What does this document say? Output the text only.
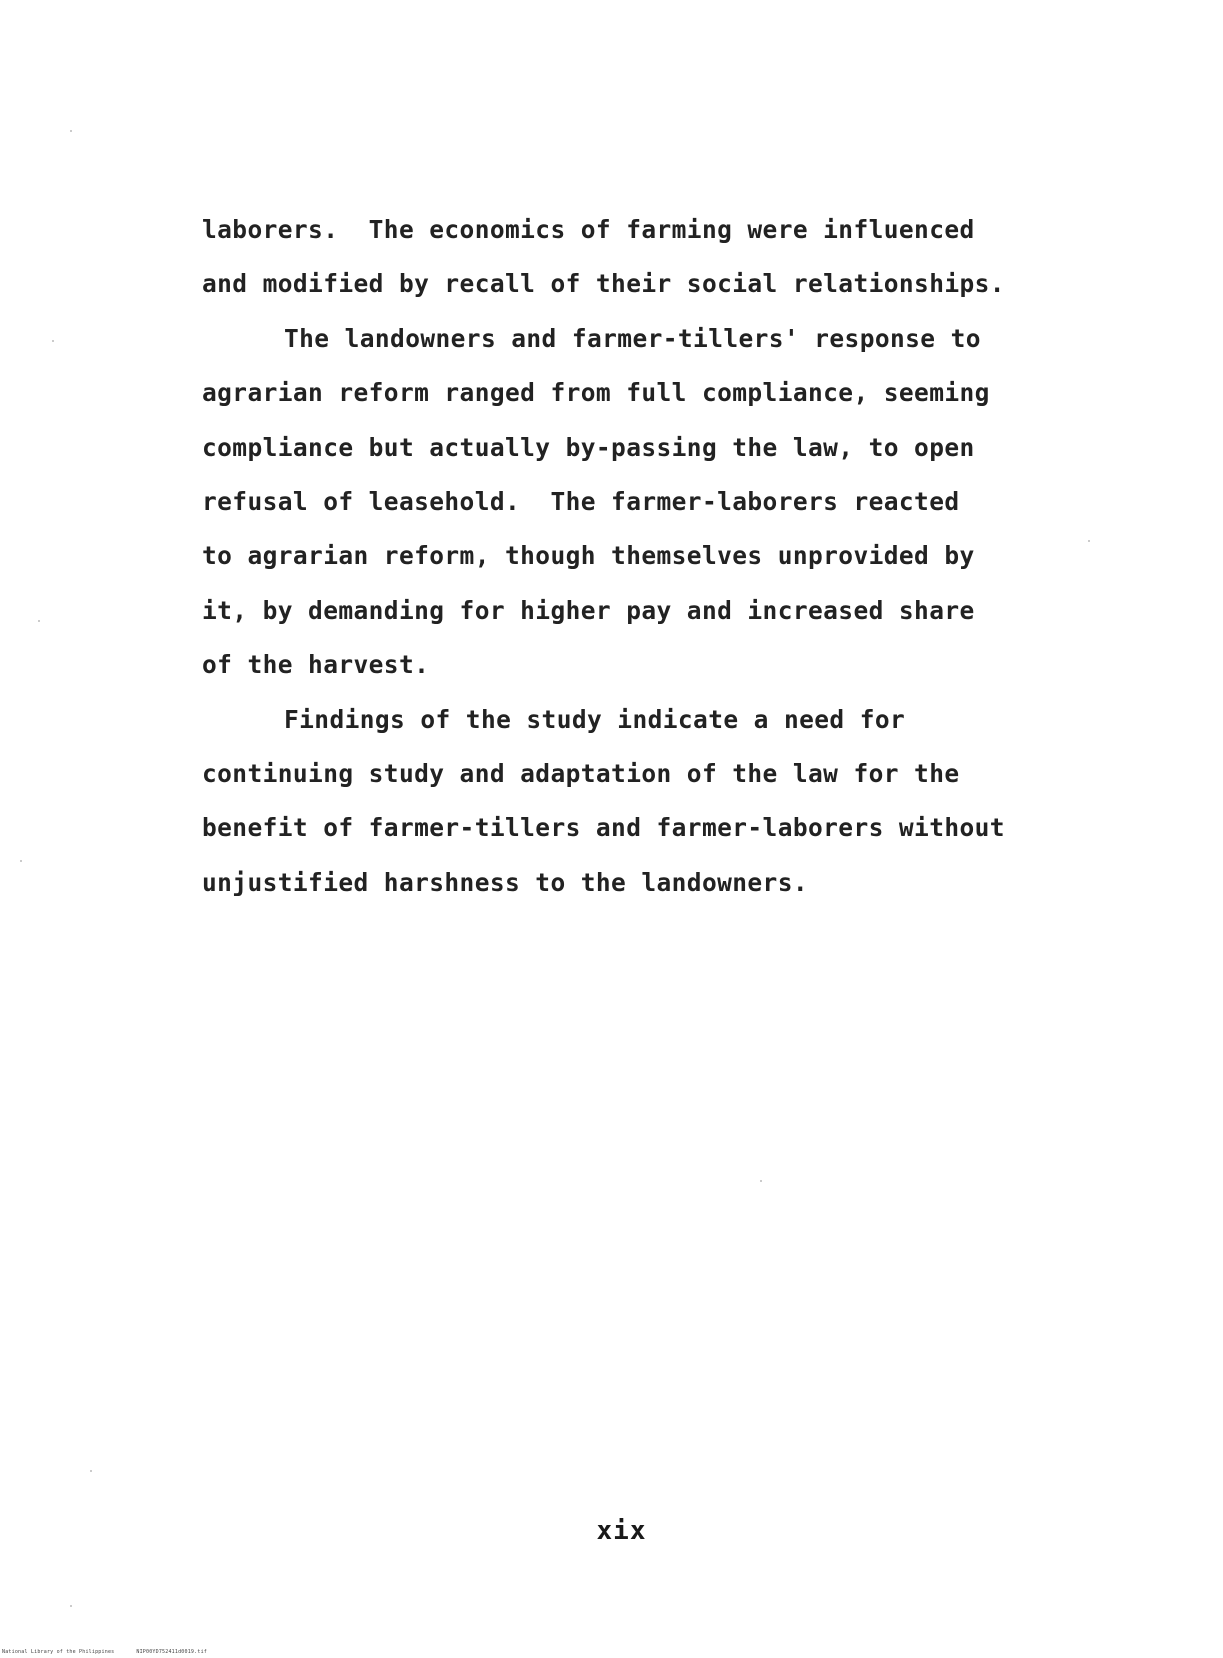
laborers.  The economics of farming were influenced
and modified by recall of their social relationships.
The landowners and farmer-tillers' response to
agrarian reform ranged from full compliance, seeming
compliance but actually by-passing the law, to open
refusal of leasehold.  The farmer-laborers reacted
to agrarian reform, though themselves unprovided by
it, by demanding for higher pay and increased share
of the harvest.
Findings of the study indicate a need for
continuing study and adaptation of the law for the
benefit of farmer-tillers and farmer-laborers without
unjustified harshness to the landowners.
xix
National Library of the Philippines	NIP00YD752411d0019.tif
